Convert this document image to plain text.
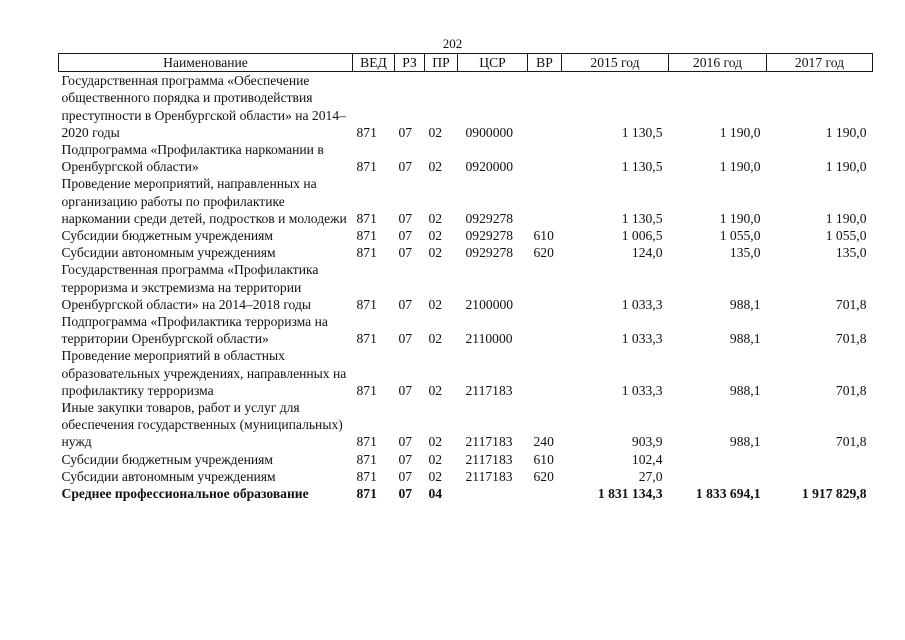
202
Наименование	ВЕД	РЗ	ПР	ЦСР	ВР	2015 год	2016 год	2017 год
Государственная программа «Обеспечение общественного порядка и противодействия преступности в Оренбургской области» на 2014–2020 годы	871	07	02	0900000		1 130,5	1 190,0	1 190,0
Подпрограмма «Профилактика наркомании в Оренбургской области»	871	07	02	0920000		1 130,5	1 190,0	1 190,0
Проведение мероприятий, направленных на организацию работы по профилактике наркомании среди детей, подростков и молодежи	871	07	02	0929278		1 130,5	1 190,0	1 190,0
Субсидии бюджетным учреждениям	871	07	02	0929278	610	1 006,5	1 055,0	1 055,0
Субсидии автономным учреждениям	871	07	02	0929278	620	124,0	135,0	135,0
Государственная программа «Профилактика терроризма и экстремизма на территории Оренбургской области» на 2014–2018 годы	871	07	02	2100000		1 033,3	988,1	701,8
Подпрограмма «Профилактика терроризма на территории Оренбургской области»	871	07	02	2110000		1 033,3	988,1	701,8
Проведение мероприятий в областных образовательных учреждениях, направленных на профилактику терроризма	871	07	02	2117183		1 033,3	988,1	701,8
Иные закупки товаров, работ и услуг для обеспечения государственных (муниципальных) нужд	871	07	02	2117183	240	903,9	988,1	701,8
Субсидии бюджетным учреждениям	871	07	02	2117183	610	102,4		
Субсидии автономным учреждениям	871	07	02	2117183	620	27,0		
Среднее профессиональное образование	871	07	04			1 831 134,3	1 833 694,1	1 917 829,8
